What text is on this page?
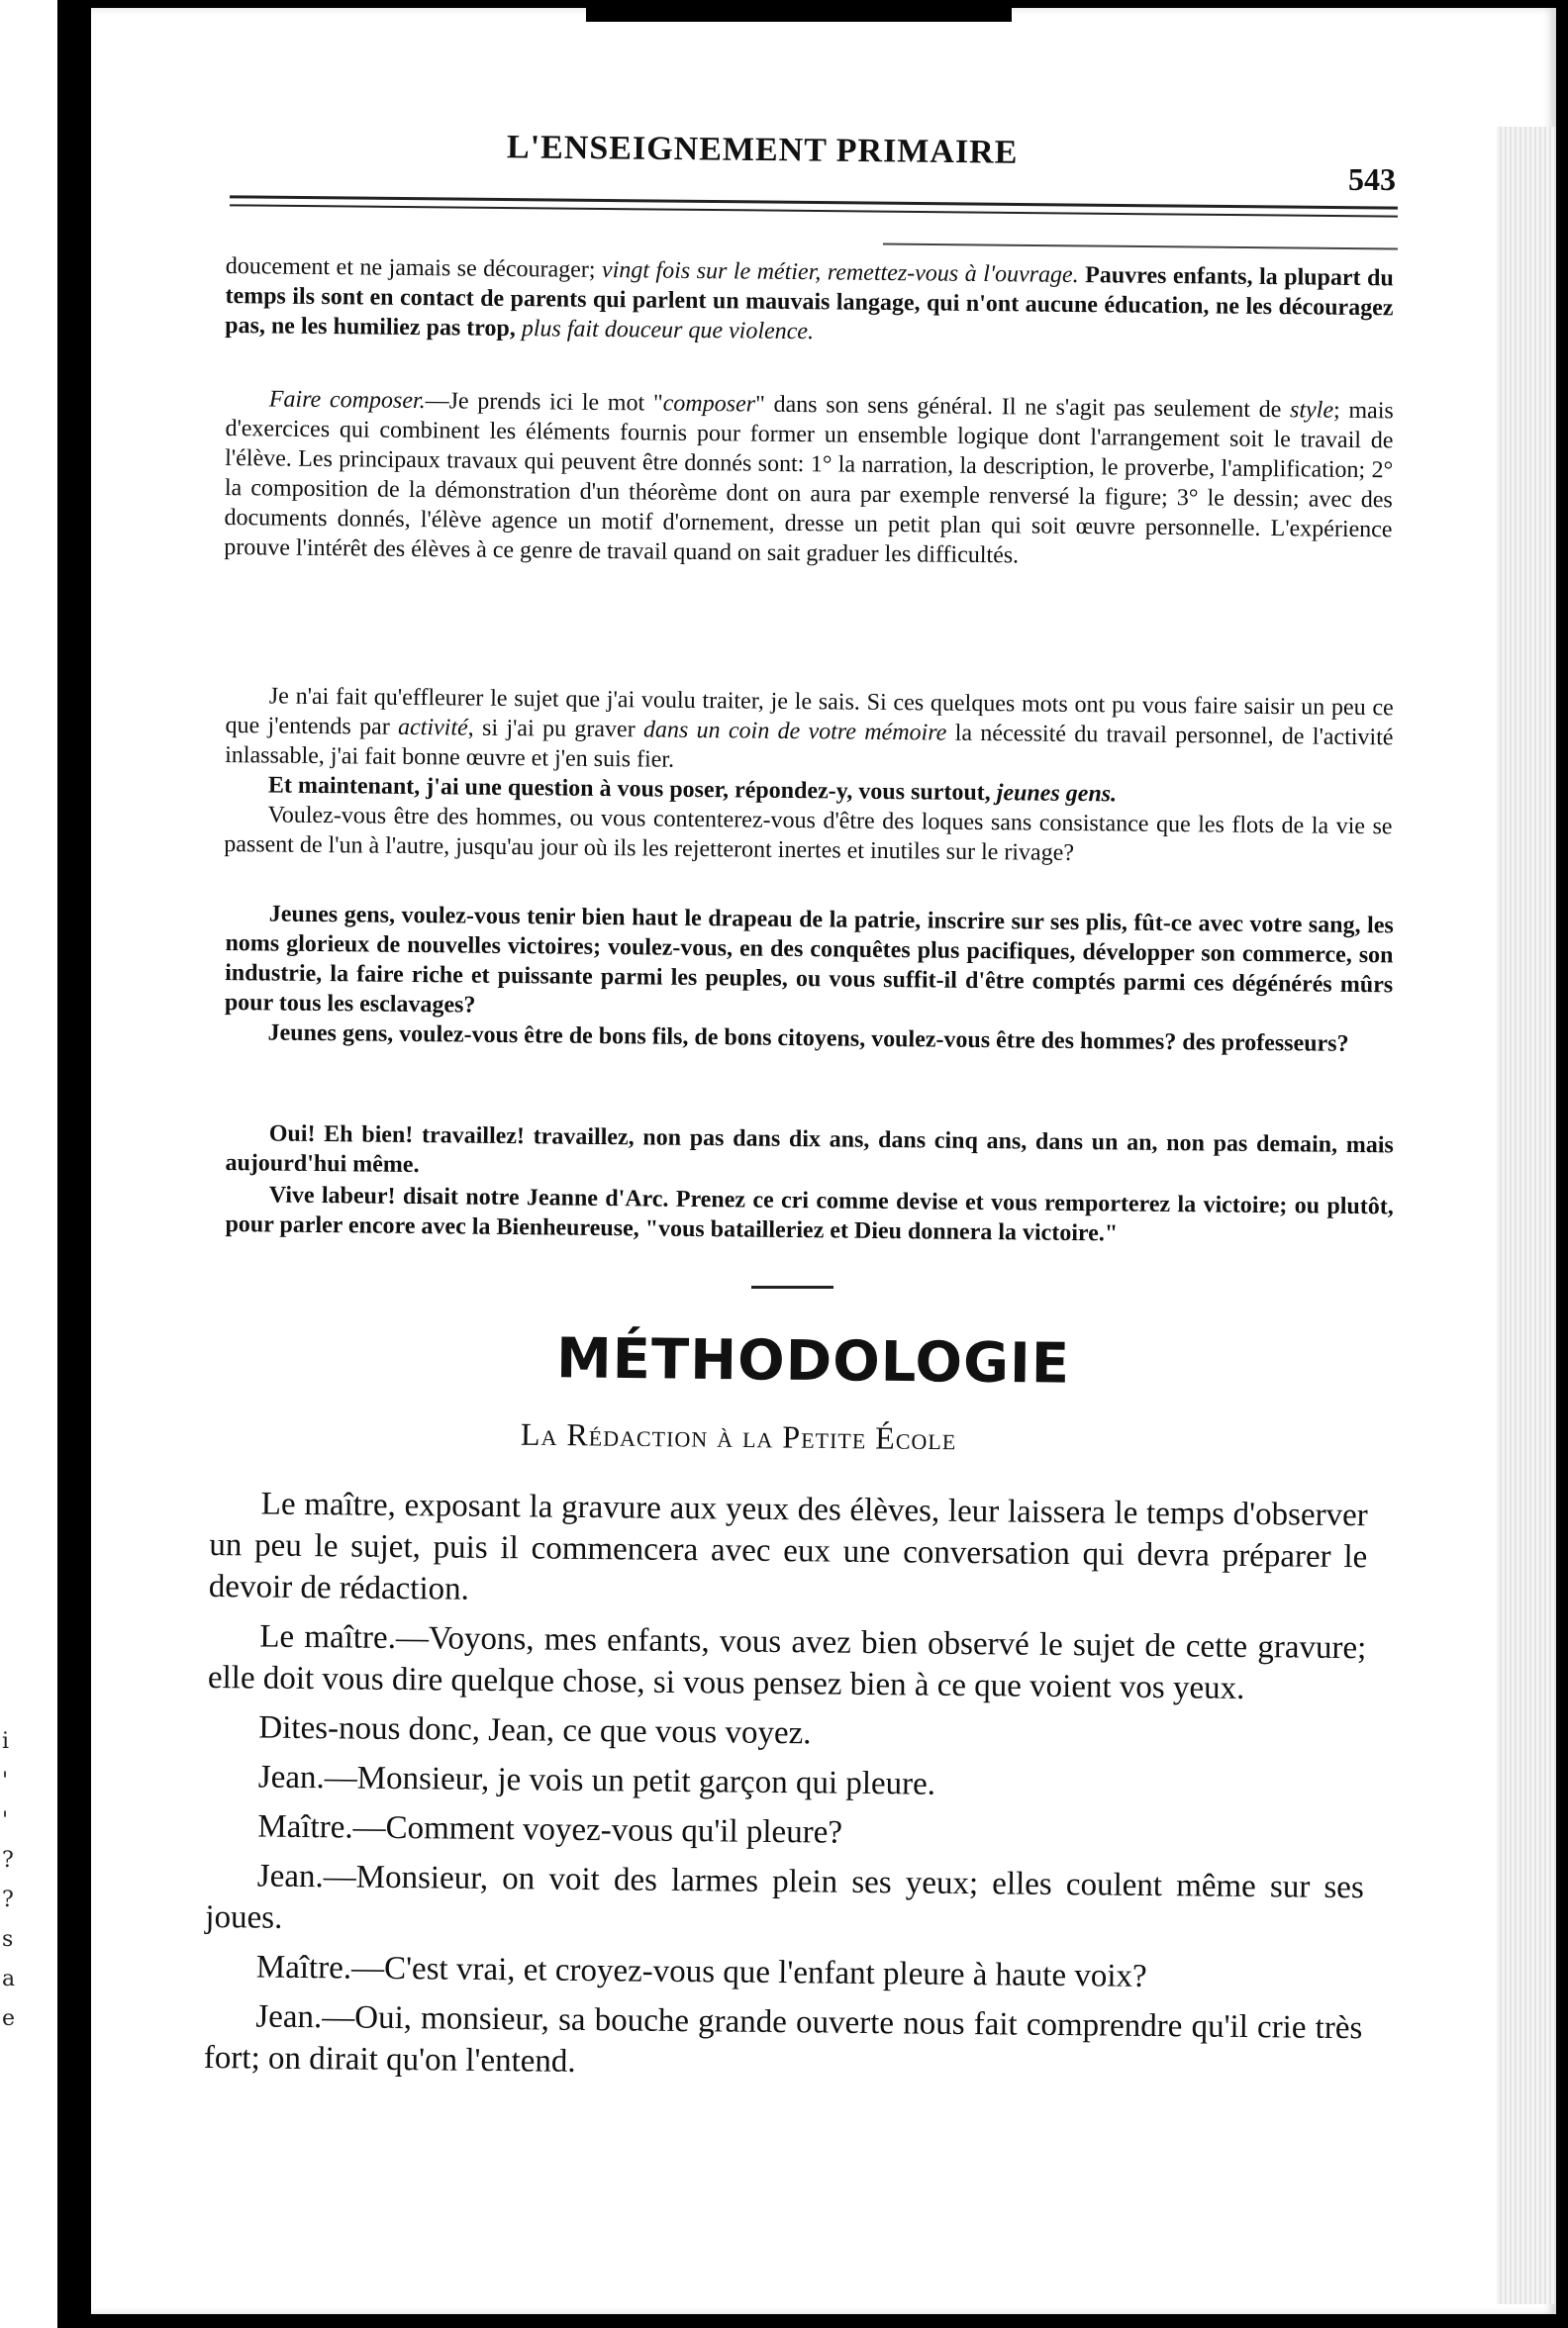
i
'
'
?
?
s
a
e
L'ENSEIGNEMENT PRIMAIRE
543

doucement et ne jamais se décourager; vingt fois sur le métier, remettez-vous à l'ouvrage. Pauvres enfants, la plupart du temps ils sont en contact de parents qui parlent un mauvais langage, qui n'ont aucune éducation, ne les découragez pas, ne les humiliez pas trop, plus fait douceur que violence.

Faire composer.—Je prends ici le mot "composer" dans son sens général. Il ne s'agit pas seulement de style; mais d'exercices qui combinent les éléments fournis pour former un ensemble logique dont l'arrangement soit le travail de l'élève. Les principaux travaux qui peuvent être donnés sont: 1° la narration, la description, le proverbe, l'amplification; 2° la composition de la démonstration d'un théorème dont on aura par exemple renversé la figure; 3° le dessin; avec des documents donnés, l'élève agence un motif d'ornement, dresse un petit plan qui soit œuvre personnelle. L'expérience prouve l'intérêt des élèves à ce genre de travail quand on sait graduer les difficultés.

Je n'ai fait qu'effleurer le sujet que j'ai voulu traiter, je le sais. Si ces quelques mots ont pu vous faire saisir un peu ce que j'entends par activité, si j'ai pu graver dans un coin de votre mémoire la nécessité du travail personnel, de l'activité inlassable, j'ai fait bonne œuvre et j'en suis fier.

Et maintenant, j'ai une question à vous poser, répondez-y, vous surtout, jeunes gens.

Voulez-vous être des hommes, ou vous contenterez-vous d'être des loques sans consistance que les flots de la vie se passent de l'un à l'autre, jusqu'au jour où ils les rejetteront inertes et inutiles sur le rivage?

Jeunes gens, voulez-vous tenir bien haut le drapeau de la patrie, inscrire sur ses plis, fût-ce avec votre sang, les noms glorieux de nouvelles victoires; voulez-vous, en des conquêtes plus pacifiques, développer son commerce, son industrie, la faire riche et puissante parmi les peuples, ou vous suffit-il d'être comptés parmi ces dégénérés mûrs pour tous les esclavages?

Jeunes gens, voulez-vous être de bons fils, de bons citoyens, voulez-vous être des hommes? des professeurs?

Oui! Eh bien! travaillez! travaillez, non pas dans dix ans, dans cinq ans, dans un an, non pas demain, mais aujourd'hui même.

Vive labeur! disait notre Jeanne d'Arc. Prenez ce cri comme devise et vous remporterez la victoire; ou plutôt, pour parler encore avec la Bienheureuse, "vous batailleriez et Dieu donnera la victoire."

MÉTHODOLOGIE
La Rédaction à la Petite École

Le maître, exposant la gravure aux yeux des élèves, leur laissera le temps d'observer un peu le sujet, puis il commencera avec eux une conversation qui devra préparer le devoir de rédaction.

Le maître.—Voyons, mes enfants, vous avez bien observé le sujet de cette gravure; elle doit vous dire quelque chose, si vous pensez bien à ce que voient vos yeux.

Dites-nous donc, Jean, ce que vous voyez.

Jean.—Monsieur, je vois un petit garçon qui pleure.

Maître.—Comment voyez-vous qu'il pleure?

Jean.—Monsieur, on voit des larmes plein ses yeux; elles coulent même sur ses joues.

Maître.—C'est vrai, et croyez-vous que l'enfant pleure à haute voix?

Jean.—Oui, monsieur, sa bouche grande ouverte nous fait comprendre qu'il crie très fort; on dirait qu'on l'entend.
